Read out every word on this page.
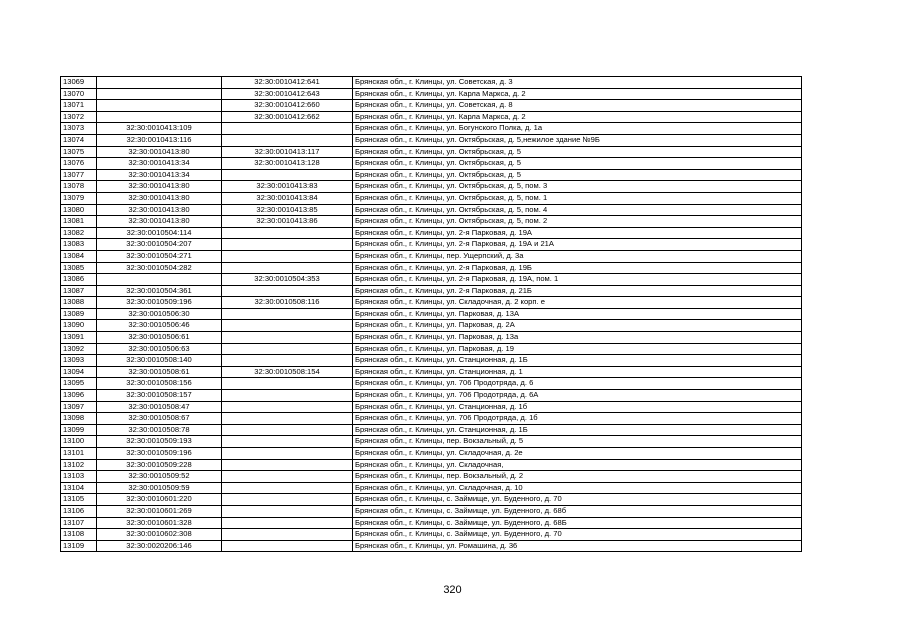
13069		32:30:0010412:641	Брянская обл., г. Клинцы, ул. Советская, д. 3
13070		32:30:0010412:643	Брянская обл., г. Клинцы, ул. Карла Маркса, д. 2
13071		32:30:0010412:660	Брянская обл., г. Клинцы, ул. Советская, д. 8
13072		32:30:0010412:662	Брянская обл., г. Клинцы, ул. Карла Маркса, д. 2
13073	32:30:0010413:109		Брянская обл., г. Клинцы, ул. Богунского Полка, д. 1а
13074	32:30:0010413:116		Брянская обл., г. Клинцы, ул. Октябрьская, д. 5,нежилое здание №9Б
13075	32:30:0010413:80	32:30:0010413:117	Брянская обл., г. Клинцы, ул. Октябрьская, д. 5
13076	32:30:0010413:34	32:30:0010413:128	Брянская обл., г. Клинцы, ул. Октябрьская, д. 5
13077	32:30:0010413:34		Брянская обл., г. Клинцы, ул. Октябрьская, д. 5
13078	32:30:0010413:80	32:30:0010413:83	Брянская обл., г. Клинцы, ул. Октябрьская, д. 5, пом. 3
13079	32:30:0010413:80	32:30:0010413:84	Брянская обл., г. Клинцы, ул. Октябрьская, д. 5, пом. 1
13080	32:30:0010413:80	32:30:0010413:85	Брянская обл., г. Клинцы, ул. Октябрьская, д. 5, пом. 4
13081	32:30:0010413:80	32:30:0010413:86	Брянская обл., г. Клинцы, ул. Октябрьская, д. 5, пом. 2
13082	32:30:0010504:114		Брянская обл., г. Клинцы, ул. 2-я Парковая, д. 19А
13083	32:30:0010504:207		Брянская обл., г. Клинцы, ул. 2-я Парковая, д. 19А и 21А
13084	32:30:0010504:271		Брянская обл., г. Клинцы, пер. Ущерпский, д. 3а
13085	32:30:0010504:282		Брянская обл., г. Клинцы, ул. 2-я Парковая, д. 19Б
13086		32:30:0010504:353	Брянская обл., г. Клинцы, ул. 2-я Парковая, д. 19А, пом. 1
13087	32:30:0010504:361		Брянская обл., г. Клинцы, ул. 2-я Парковая, д. 21Б
13088	32:30:0010509:196	32:30:0010508:116	Брянская обл., г. Клинцы, ул. Складочная, д. 2 корп. е
13089	32:30:0010506:30		Брянская обл., г. Клинцы, ул. Парковая, д. 13А
13090	32:30:0010506:46		Брянская обл., г. Клинцы, ул. Парковая, д. 2А
13091	32:30:0010506:61		Брянская обл., г. Клинцы, ул. Парковая, д. 13а
13092	32:30:0010506:63		Брянская обл., г. Клинцы, ул. Парковая, д. 19
13093	32:30:0010508:140		Брянская обл., г. Клинцы, ул. Станционная, д. 1Б
13094	32:30:0010508:61	32:30:0010508:154	Брянская обл., г. Клинцы, ул. Станционная, д. 1
13095	32:30:0010508:156		Брянская обл., г. Клинцы, ул. 706 Продотряда, д. 6
13096	32:30:0010508:157		Брянская обл., г. Клинцы, ул. 706 Продотряда, д. 6А
13097	32:30:0010508:47		Брянская обл., г. Клинцы, ул. Станционная, д. 1б
13098	32:30:0010508:67		Брянская обл., г. Клинцы, ул. 706 Продотряда, д. 1б
13099	32:30:0010508:78		Брянская обл., г. Клинцы, ул. Станционная, д. 1Б
13100	32:30:0010509:193		Брянская обл., г. Клинцы, пер. Вокзальный, д. 5
13101	32:30:0010509:196		Брянская обл., г. Клинцы, ул. Складочная, д. 2е
13102	32:30:0010509:228		Брянская обл., г. Клинцы, ул. Складочная,
13103	32:30:0010509:52		Брянская обл., г. Клинцы, пер. Вокзальный, д. 2
13104	32:30:0010509:59		Брянская обл., г. Клинцы, ул. Складочная, д. 10
13105	32:30:0010601:220		Брянская обл., г. Клинцы, с. Займище, ул. Буденного, д. 70
13106	32:30:0010601:269		Брянская обл., г. Клинцы, с. Займище, ул. Буденного, д. 68б
13107	32:30:0010601:328		Брянская обл., г. Клинцы, с. Займище, ул. Буденного, д. 68Б
13108	32:30:0010602:308		Брянская обл., г. Клинцы, с. Займище, ул. Буденного, д. 70
13109	32:30:0020206:146		Брянская обл., г. Клинцы, ул. Ромашина, д. 36
320
